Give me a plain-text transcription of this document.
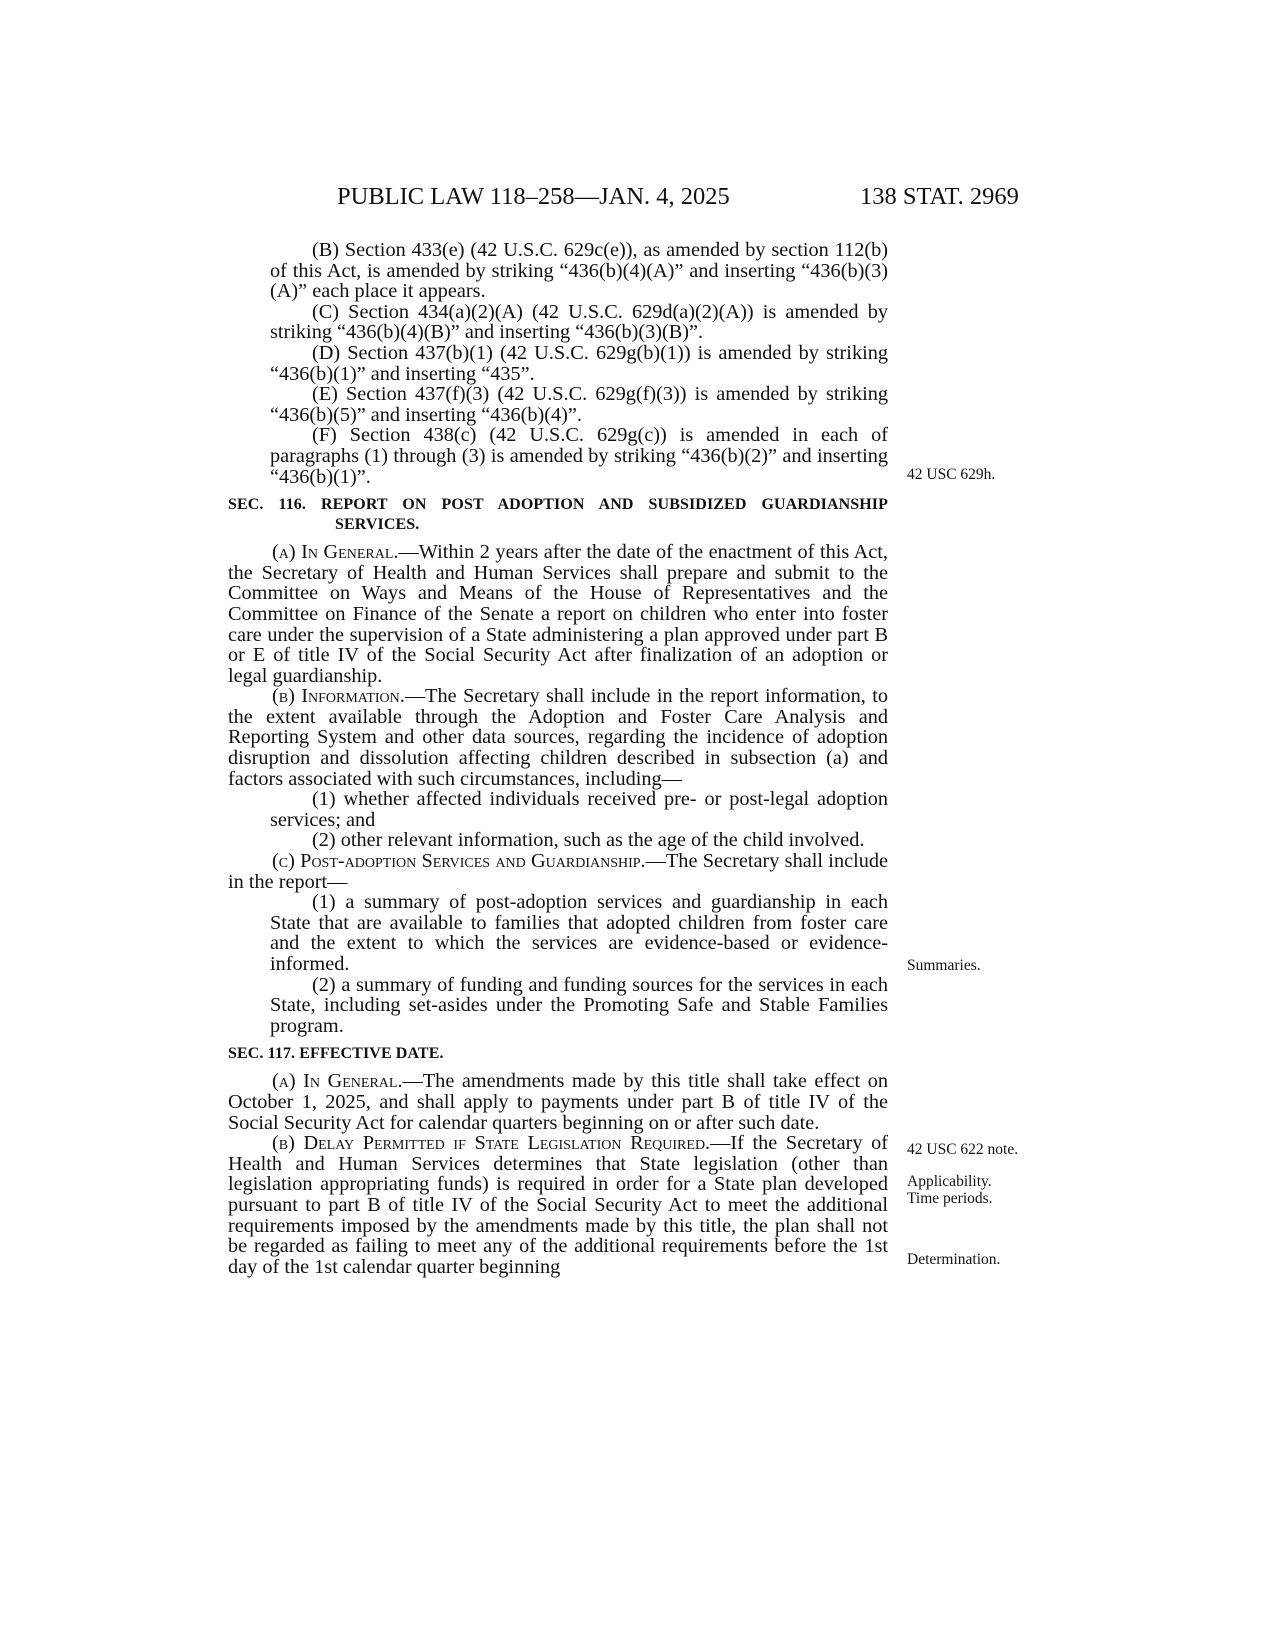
PUBLIC LAW 118–258—JAN. 4, 2025	138 STAT. 2969

(B) Section 433(e) (42 U.S.C. 629c(e)), as amended by section 112(b) of this Act, is amended by striking “436(b)(4)(A)” and inserting “436(b)(3)(A)” each place it appears.

(C) Section 434(a)(2)(A) (42 U.S.C. 629d(a)(2)(A)) is amended by striking “436(b)(4)(B)” and inserting “436(b)(3)(B)”.

(D) Section 437(b)(1) (42 U.S.C. 629g(b)(1)) is amended by striking “436(b)(1)” and inserting “435”.

(E) Section 437(f)(3) (42 U.S.C. 629g(f)(3)) is amended by striking “436(b)(5)” and inserting “436(b)(4)”.

(F) Section 438(c) (42 U.S.C. 629g(c)) is amended in each of paragraphs (1) through (3) is amended by striking “436(b)(2)” and inserting “436(b)(1)”.

SEC. 116. REPORT ON POST ADOPTION AND SUBSIDIZED GUARDIANSHIP SERVICES.

(a) In General.—Within 2 years after the date of the enactment of this Act, the Secretary of Health and Human Services shall prepare and submit to the Committee on Ways and Means of the House of Representatives and the Committee on Finance of the Senate a report on children who enter into foster care under the supervision of a State administering a plan approved under part B or E of title IV of the Social Security Act after finalization of an adoption or legal guardianship.

(b) Information.—The Secretary shall include in the report information, to the extent available through the Adoption and Foster Care Analysis and Reporting System and other data sources, regarding the incidence of adoption disruption and dissolution affecting children described in subsection (a) and factors associated with such circumstances, including—

(1) whether affected individuals received pre- or post-legal adoption services; and

(2) other relevant information, such as the age of the child involved.

(c) Post-adoption Services and Guardianship.—The Secretary shall include in the report—

(1) a summary of post-adoption services and guardianship in each State that are available to families that adopted children from foster care and the extent to which the services are evidence-based or evidence-informed.

(2) a summary of funding and funding sources for the services in each State, including set-asides under the Promoting Safe and Stable Families program.

SEC. 117. EFFECTIVE DATE.

(a) In General.—The amendments made by this title shall take effect on October 1, 2025, and shall apply to payments under part B of title IV of the Social Security Act for calendar quarters beginning on or after such date.

(b) Delay Permitted if State Legislation Required.—If the Secretary of Health and Human Services determines that State legislation (other than legislation appropriating funds) is required in order for a State plan developed pursuant to part B of title IV of the Social Security Act to meet the additional requirements imposed by the amendments made by this title, the plan shall not be regarded as failing to meet any of the additional requirements before the 1st day of the 1st calendar quarter beginning

42 USC 629h.
Summaries.
42 USC 622 note.
Applicability.
Time periods.
Determination.
